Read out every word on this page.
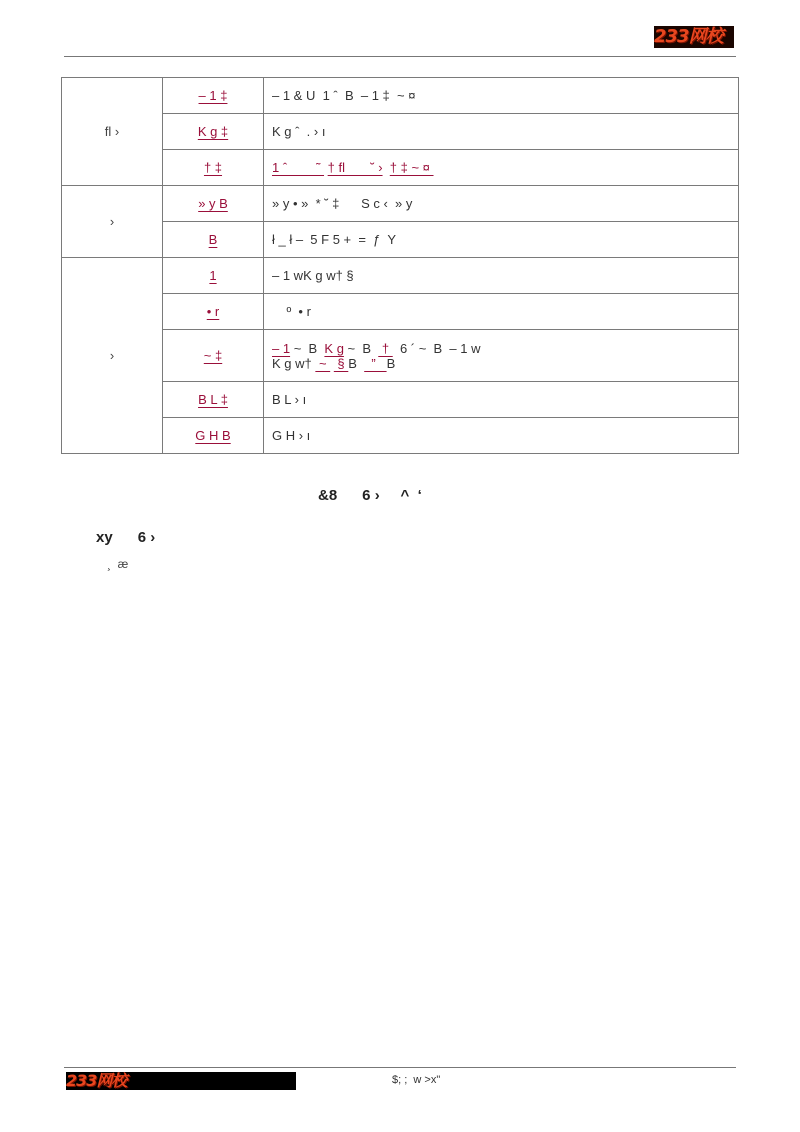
233网校
ﬂ ›	– 1 ‡	– 1 & U  1 ˆ  B  – 1 ‡  ~ ¤
	K g ‡	K g ˆ  . › ı
	† ‡	1 ˆ        ˜  † ﬂ       ˘ › † ‡ ~ ¤
›	» y B	» y • »  * ˘ ‡      S c ‹  » y
	B	ł _ ł –  5 F 5 +  =  ƒ  Y
›	1	– 1 wK g w† §
	• r	º  • r
	~ ‡	– 1 ~  B  K g ~  B   †   6 ´ ~  B  – 1 w
K g w†  ~   § B    ”   B
	B L ‡	B L › ı
	G H B	G H › ı
&8      6 ›     ^  ‘
xy      6 ›
¸  æ
233网校	$; ;  w >x"
